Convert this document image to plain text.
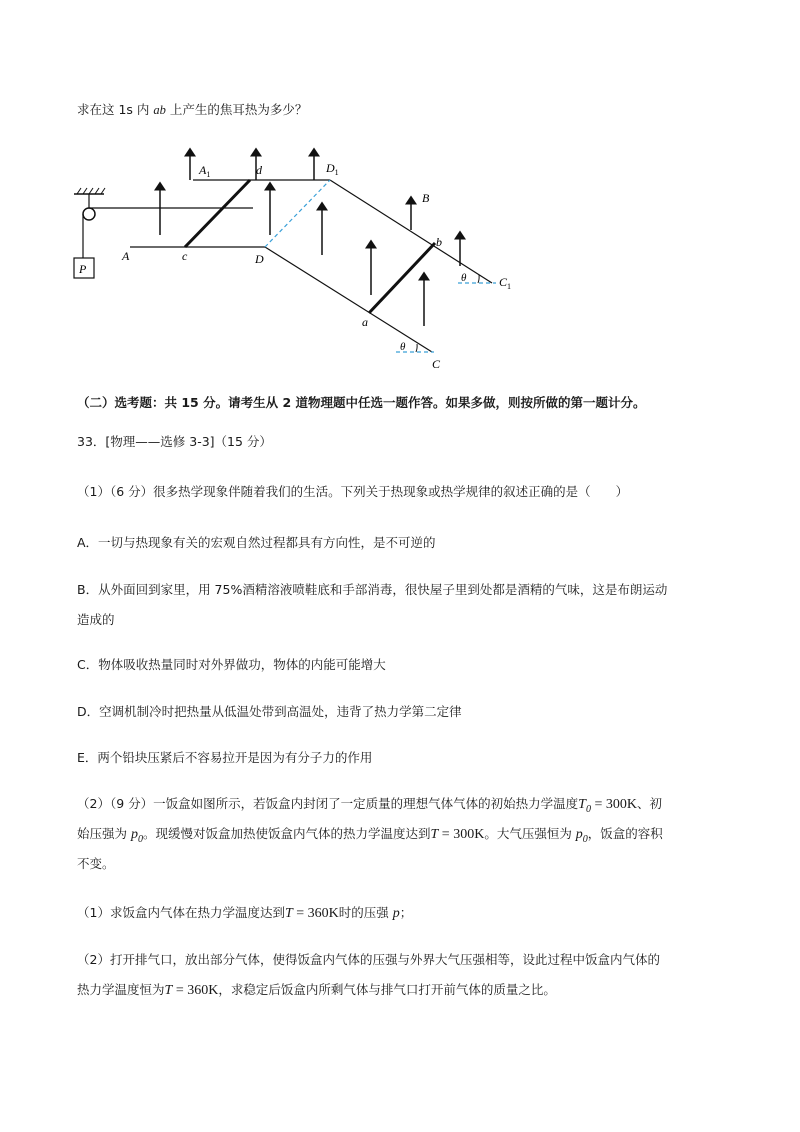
求在这 1s 内 ab 上产生的焦耳热为多少？
P
$A_1$	d	$D_1$
B
b
θ	$C_1$
A	c	D
a
θ
C
（二）选考题：共 15 分。请考生从 2 道物理题中任选一题作答。如果多做，则按所做的第一题计分。
33．[物理——选修 3-3]（15 分）
（1）（6 分）很多热学现象伴随着我们的生活。下列关于热现象或热学规律的叙述正确的是（　　）
A．一切与热现象有关的宏观自然过程都具有方向性，是不可逆的
B．从外面回到家里，用 75%酒精溶液喷鞋底和手部消毒，很快屋子里到处都是酒精的气味，这是布朗运动
造成的
C．物体吸收热量同时对外界做功，物体的内能可能增大
D．空调机制冷时把热量从低温处带到高温处，违背了热力学第二定律
E．两个铅块压紧后不容易拉开是因为有分子力的作用
（2）（9 分）一饭盒如图所示，若饭盒内封闭了一定质量的理想气体气体的初始热力学温度$T_0 = 300K$、初
始压强为 $p_0$。现缓慢对饭盒加热使饭盒内气体的热力学温度达到T = 300K。大气压强恒为 $p_0$，饭盒的容积
不变。
（1）求饭盒内气体在热力学温度达到T = 360K时的压强 p；
（2）打开排气口，放出部分气体，使得饭盒内气体的压强与外界大气压强相等，设此过程中饭盒内气体的
热力学温度恒为T = 360K，求稳定后饭盒内所剩气体与排气口打开前气体的质量之比。
